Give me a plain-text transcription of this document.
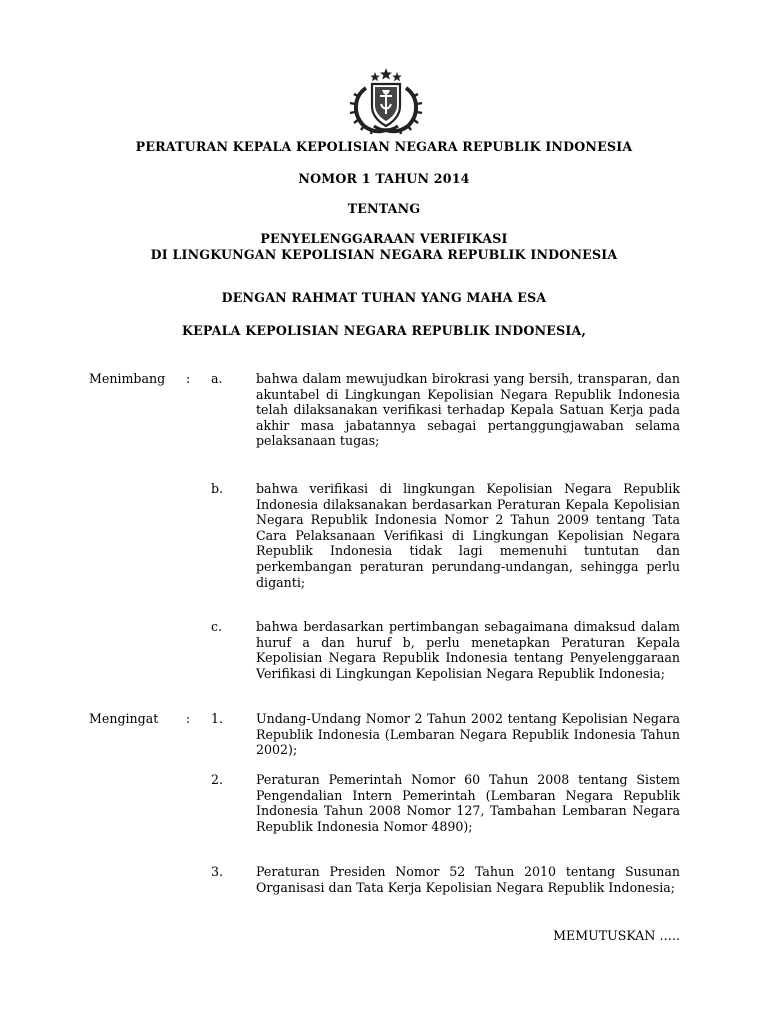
PERATURAN KEPALA KEPOLISIAN NEGARA REPUBLIK INDONESIA
NOMOR 1 TAHUN 2014
TENTANG
PENYELENGGARAAN VERIFIKASI
DI LINGKUNGAN KEPOLISIAN NEGARA REPUBLIK INDONESIA
DENGAN RAHMAT TUHAN YANG MAHA ESA
KEPALA KEPOLISIAN NEGARA REPUBLIK INDONESIA,
Menimbang : a.	bahwa dalam mewujudkan birokrasi yang bersih, transparan, dan akuntabel di Lingkungan Kepolisian Negara Republik Indonesia telah dilaksanakan verifikasi terhadap Kepala Satuan Kerja pada akhir masa jabatannya sebagai pertanggungjawaban selama pelaksanaan tugas;
b.	bahwa verifikasi di lingkungan Kepolisian Negara Republik Indonesia dilaksanakan berdasarkan Peraturan Kepala Kepolisian Negara Republik Indonesia Nomor 2 Tahun 2009 tentang Tata Cara Pelaksanaan Verifikasi di Lingkungan Kepolisian Negara Republik Indonesia tidak lagi memenuhi tuntutan dan perkembangan peraturan perundang-undangan, sehingga perlu diganti;
c.	bahwa berdasarkan pertimbangan sebagaimana dimaksud dalam huruf a dan huruf b, perlu menetapkan Peraturan Kepala Kepolisian Negara Republik Indonesia tentang Penyelenggaraan Verifikasi di Lingkungan Kepolisian Negara Republik Indonesia;
Mengingat : 1.	Undang-Undang Nomor 2 Tahun 2002 tentang Kepolisian Negara Republik Indonesia (Lembaran Negara Republik Indonesia Tahun 2002);
2.	Peraturan Pemerintah Nomor 60 Tahun 2008 tentang Sistem Pengendalian Intern Pemerintah (Lembaran Negara Republik Indonesia Tahun 2008 Nomor 127, Tambahan Lembaran Negara Republik Indonesia Nomor 4890);
3.	Peraturan Presiden Nomor 52 Tahun 2010 tentang Susunan Organisasi dan Tata Kerja Kepolisian Negara Republik Indonesia;
MEMUTUSKAN …..
